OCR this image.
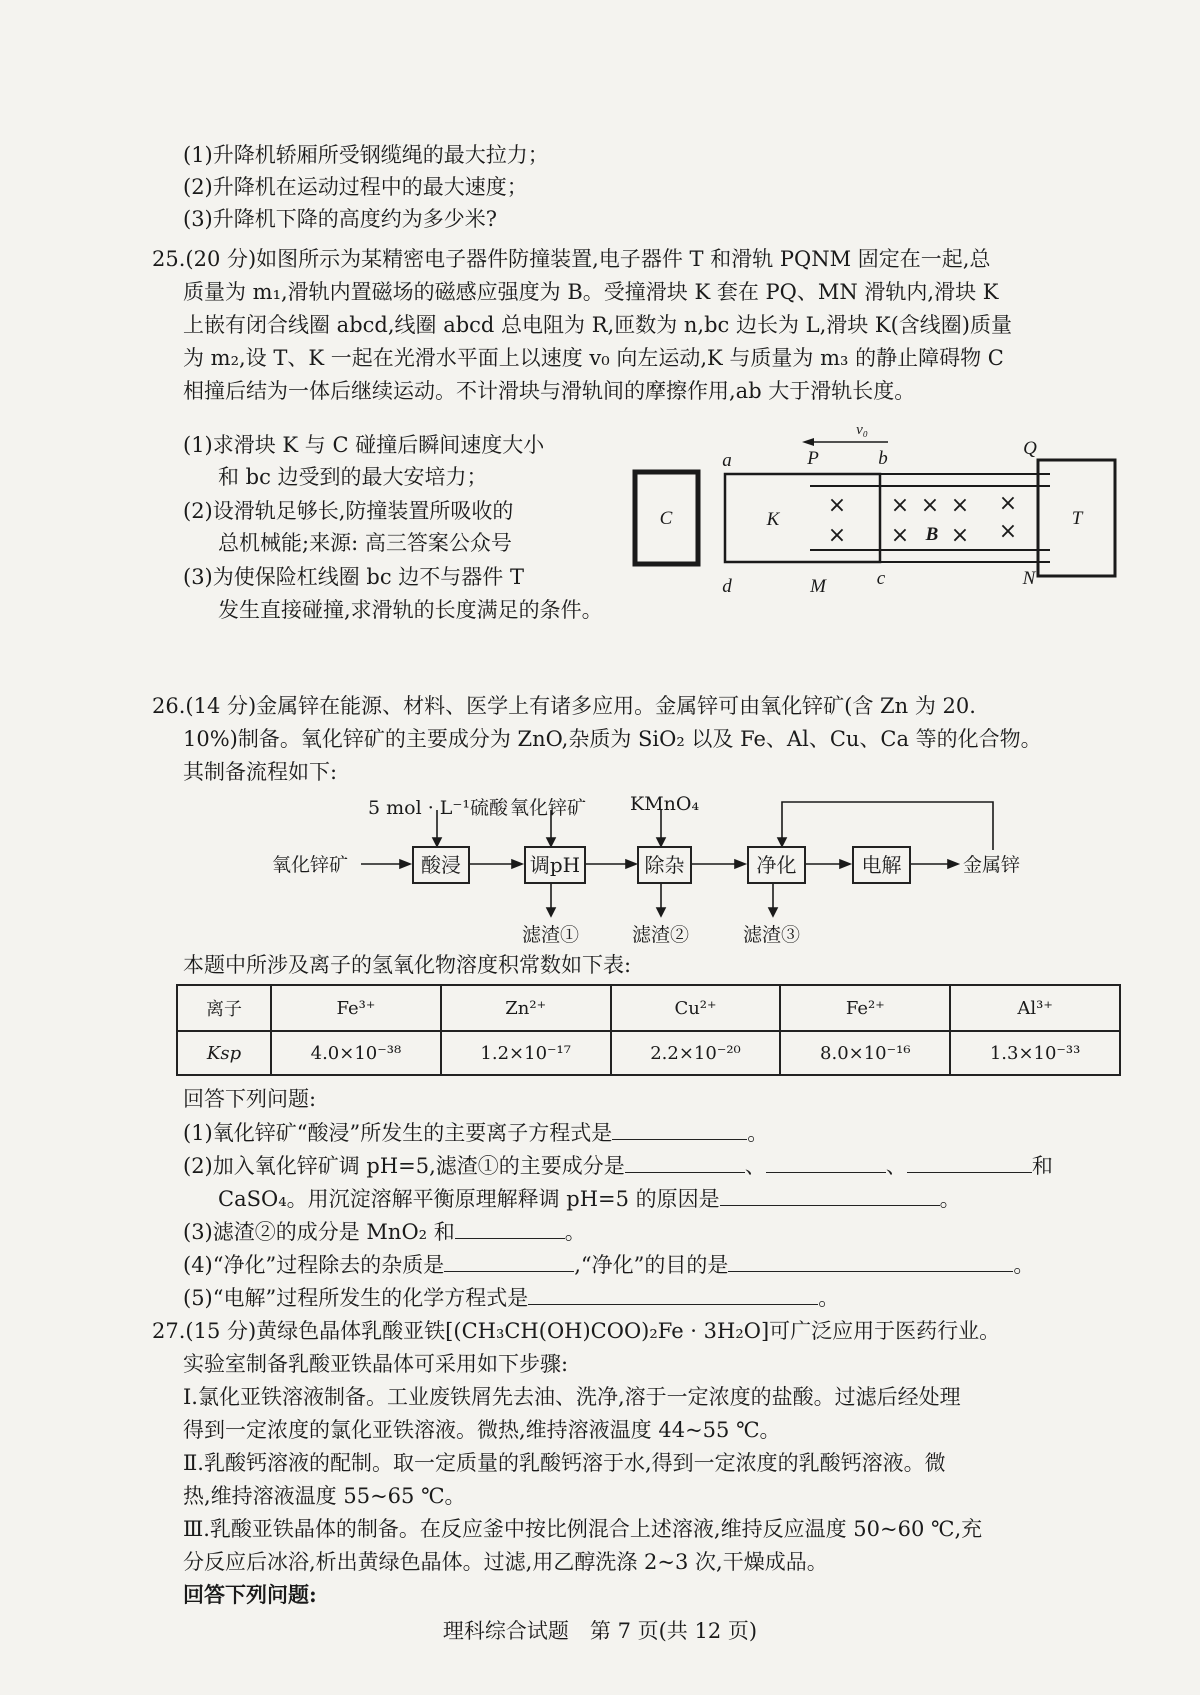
(1)升降机轿厢所受钢缆绳的最大拉力；
(2)升降机在运动过程中的最大速度；
(3)升降机下降的高度约为多少米?
25.(20 分)如图所示为某精密电子器件防撞装置,电子器件 T 和滑轨 PQNM 固定在一起,总
质量为 m₁,滑轨内置磁场的磁感应强度为 B。受撞滑块 K 套在 PQ、MN 滑轨内,滑块 K
上嵌有闭合线圈 abcd,线圈 abcd 总电阻为 R,匝数为 n,bc 边长为 L,滑块 K(含线圈)质量
为 m₂,设 T、K 一起在光滑水平面上以速度 v₀ 向左运动,K 与质量为 m₃ 的静止障碍物 C
相撞后结为一体后继续运动。不计滑块与滑轨间的摩擦作用,ab 大于滑轨长度。
(1)求滑块 K 与 C 碰撞后瞬间速度大小
和 bc 边受到的最大安培力；
(2)设滑轨足够长,防撞装置所吸收的
总机械能;来源: 高三答案公众号
(3)为使保险杠线圈 bc 边不与器件 T
发生直接碰撞,求滑轨的长度满足的条件。
C	K	T
×
×
×
×
× ×
×
×
×
B
a
d
P
M
b
c
Q
N
v₀
26.(14 分)金属锌在能源、材料、医学上有诸多应用。金属锌可由氧化锌矿(含 Zn 为 20.
10%)制备。氧化锌矿的主要成分为 ZnO,杂质为 SiO₂ 以及 Fe、Al、Cu、Ca 等的化合物。
其制备流程如下:
5 mol · L⁻¹硫酸 氧化锌矿 KMnO₄
氧化锌矿	酸浸	调pH	除杂	净化	电解	金属锌
滤渣①	滤渣②	滤渣③
本题中所涉及离子的氢氧化物溶度积常数如下表:
离子	Fe³⁺	Zn²⁺	Cu²⁺	Fe²⁺	Al³⁺
Ksp	4.0×10⁻³⁸	1.2×10⁻¹⁷	2.2×10⁻²⁰	8.0×10⁻¹⁶	1.3×10⁻³³
回答下列问题:
(1)氧化锌矿“酸浸”所发生的主要离子方程式是	。
(2)加入氧化锌矿调 pH=5,滤渣①的主要成分是	、	、	和
CaSO₄。用沉淀溶解平衡原理解释调 pH=5 的原因是	。
(3)滤渣②的成分是 MnO₂ 和	。
(4)“净化”过程除去的杂质是	,“净化”的目的是	。
(5)“电解”过程所发生的化学方程式是	。
27.(15 分)黄绿色晶体乳酸亚铁[(CH₃CH(OH)COO)₂Fe · 3H₂O]可广泛应用于医药行业。
实验室制备乳酸亚铁晶体可采用如下步骤:
Ⅰ.氯化亚铁溶液制备。工业废铁屑先去油、洗净,溶于一定浓度的盐酸。过滤后经处理
得到一定浓度的氯化亚铁溶液。微热,维持溶液温度 44~55 ℃。
Ⅱ.乳酸钙溶液的配制。取一定质量的乳酸钙溶于水,得到一定浓度的乳酸钙溶液。微
热,维持溶液温度 55~65 ℃。
Ⅲ.乳酸亚铁晶体的制备。在反应釜中按比例混合上述溶液,维持反应温度 50~60 ℃,充
分反应后冰浴,析出黄绿色晶体。过滤,用乙醇洗涤 2~3 次,干燥成品。
回答下列问题:
理科综合试题　第 7 页(共 12 页)
